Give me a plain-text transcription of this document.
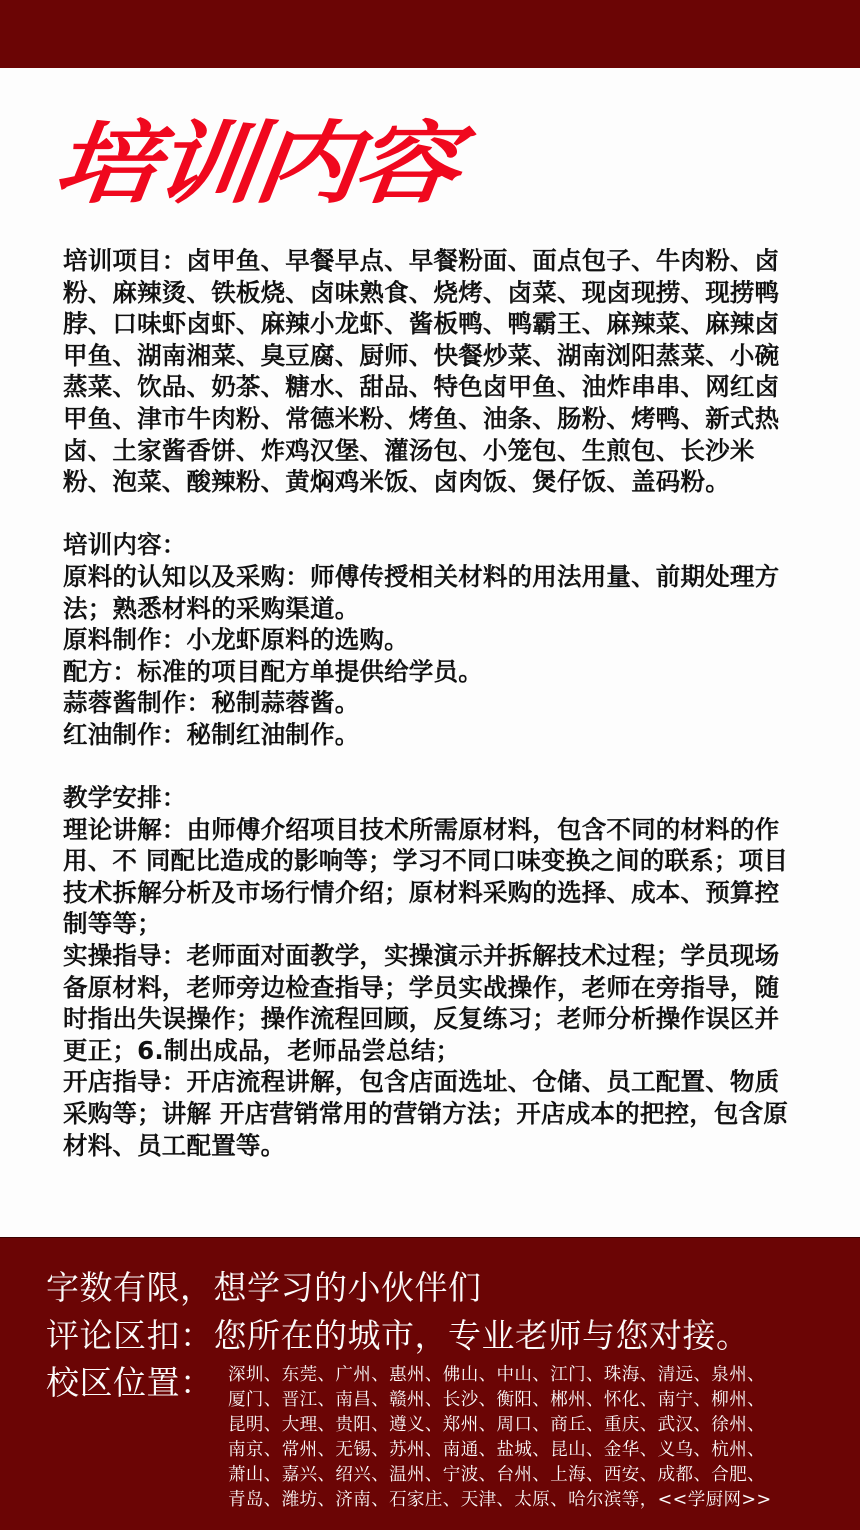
培训内容

培训项目：卤甲鱼、早餐早点、早餐粉面、面点包子、牛肉粉、卤粉、麻辣烫、铁板烧、卤味熟食、烧烤、卤菜、现卤现捞、现捞鸭脖、口味虾卤虾、麻辣小龙虾、酱板鸭、鸭霸王、麻辣菜、麻辣卤甲鱼、湖南湘菜、臭豆腐、厨师、快餐炒菜、湖南浏阳蒸菜、小碗蒸菜、饮品、奶茶、糖水、甜品、特色卤甲鱼、油炸串串、网红卤甲鱼、津市牛肉粉、常德米粉、烤鱼、油条、肠粉、烤鸭、新式热卤、土家酱香饼、炸鸡汉堡、灌汤包、小笼包、生煎包、长沙米粉、泡菜、酸辣粉、黄焖鸡米饭、卤肉饭、煲仔饭、盖码粉。

培训内容：

原料的认知以及采购：师傅传授相关材料的用法用量、前期处理方法；熟悉材料的采购渠道。

原料制作：小龙虾原料的选购。

配方：标准的项目配方单提供给学员。

蒜蓉酱制作：秘制蒜蓉酱。

红油制作：秘制红油制作。

教学安排：

理论讲解：由师傅介绍项目技术所需原材料，包含不同的材料的作用、不 同配比造成的影响等；学习不同口味变换之间的联系；项目技术拆解分析及市场行情介绍；原材料采购的选择、成本、预算控制等等；

实操指导：老师面对面教学，实操演示并拆解技术过程；学员现场备原材料，老师旁边检查指导；学员实战操作，老师在旁指导，随时指出失误操作；操作流程回顾，反复练习；老师分析操作误区并更正；6.制出成品，老师品尝总结；

开店指导：开店流程讲解，包含店面选址、仓储、员工配置、物质采购等；讲解 开店营销常用的营销方法；开店成本的把控，包含原材料、员工配置等。

字数有限，想学习的小伙伴们
评论区扣：您所在的城市，专业老师与您对接。
校区位置： 深圳、东莞、广州、惠州、佛山、中山、江门、珠海、清远、泉州、
厦门、晋江、南昌、赣州、长沙、衡阳、郴州、怀化、南宁、柳州、
昆明、大理、贵阳、遵义、郑州、周口、商丘、重庆、武汉、徐州、
南京、常州、无锡、苏州、南通、盐城、昆山、金华、义乌、杭州、
萧山、嘉兴、绍兴、温州、宁波、台州、上海、西安、成都、合肥、
青岛、潍坊、济南、石家庄、天津、太原、哈尔滨等，<<学厨网>>
